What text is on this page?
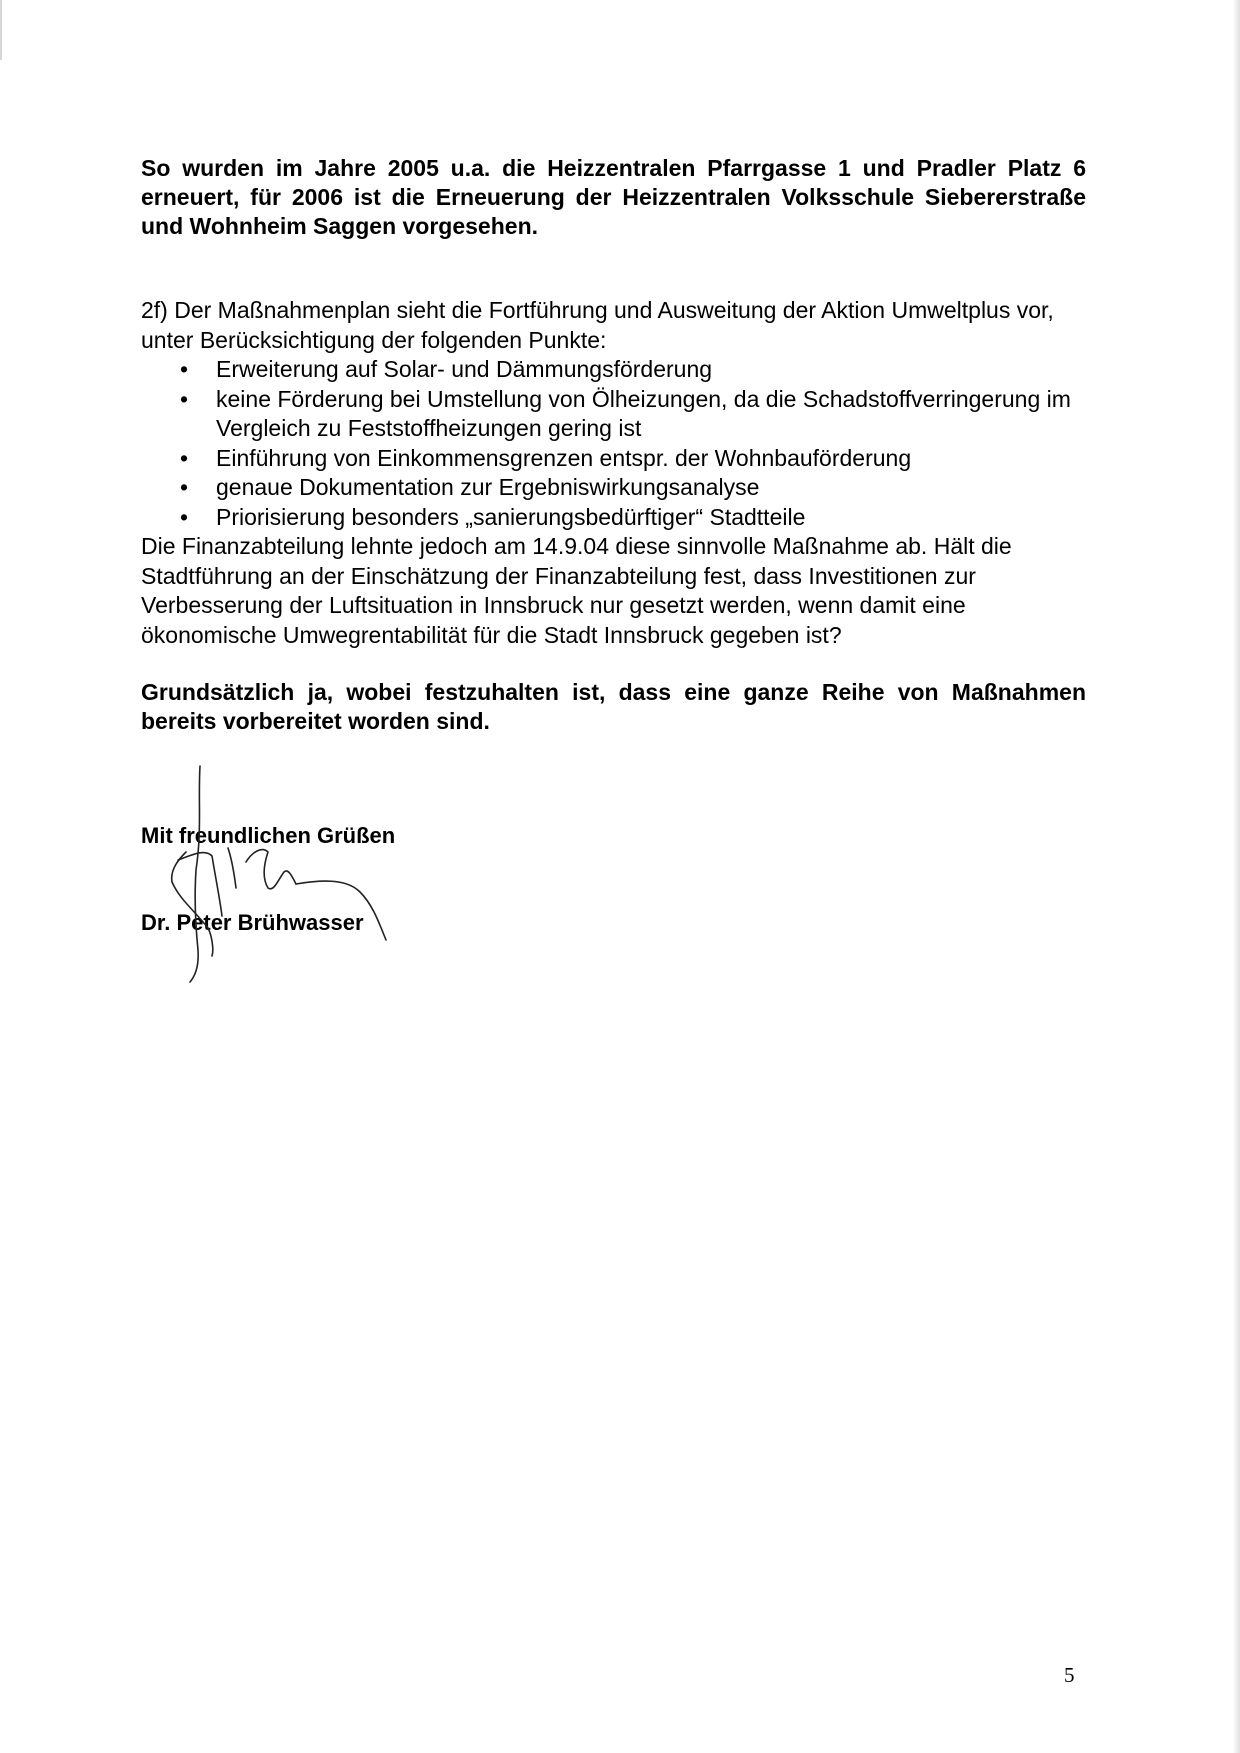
So wurden im Jahre 2005 u.a. die Heizzentralen Pfarrgasse 1 und Pradler Platz 6 erneuert, für 2006 ist die Erneuerung der Heizzentralen Volksschule Siebererstraße und Wohnheim Saggen vorgesehen.

2f) Der Maßnahmenplan sieht die Fortführung und Ausweitung der Aktion Umweltplus vor, unter Berücksichtigung der folgenden Punkte:

• Erweiterung auf Solar- und Dämmungsförderung
• keine Förderung bei Umstellung von Ölheizungen, da die Schadstoffverringerung im Vergleich zu Feststoffheizungen gering ist
• Einführung von Einkommensgrenzen entspr. der Wohnbauförderung
• genaue Dokumentation zur Ergebniswirkungsanalyse
• Priorisierung besonders „sanierungsbedürftiger“ Stadtteile

Die Finanzabteilung lehnte jedoch am 14.9.04 diese sinnvolle Maßnahme ab. Hält die Stadtführung an der Einschätzung der Finanzabteilung fest, dass Investitionen zur Verbesserung der Luftsituation in Innsbruck nur gesetzt werden, wenn damit eine ökonomische Umwegrentabilität für die Stadt Innsbruck gegeben ist?

Grundsätzlich ja, wobei festzuhalten ist, dass eine ganze Reihe von Maßnahmen bereits vorbereitet worden sind.

Mit freundlichen Grüßen

Dr. Peter Brühwasser

5
